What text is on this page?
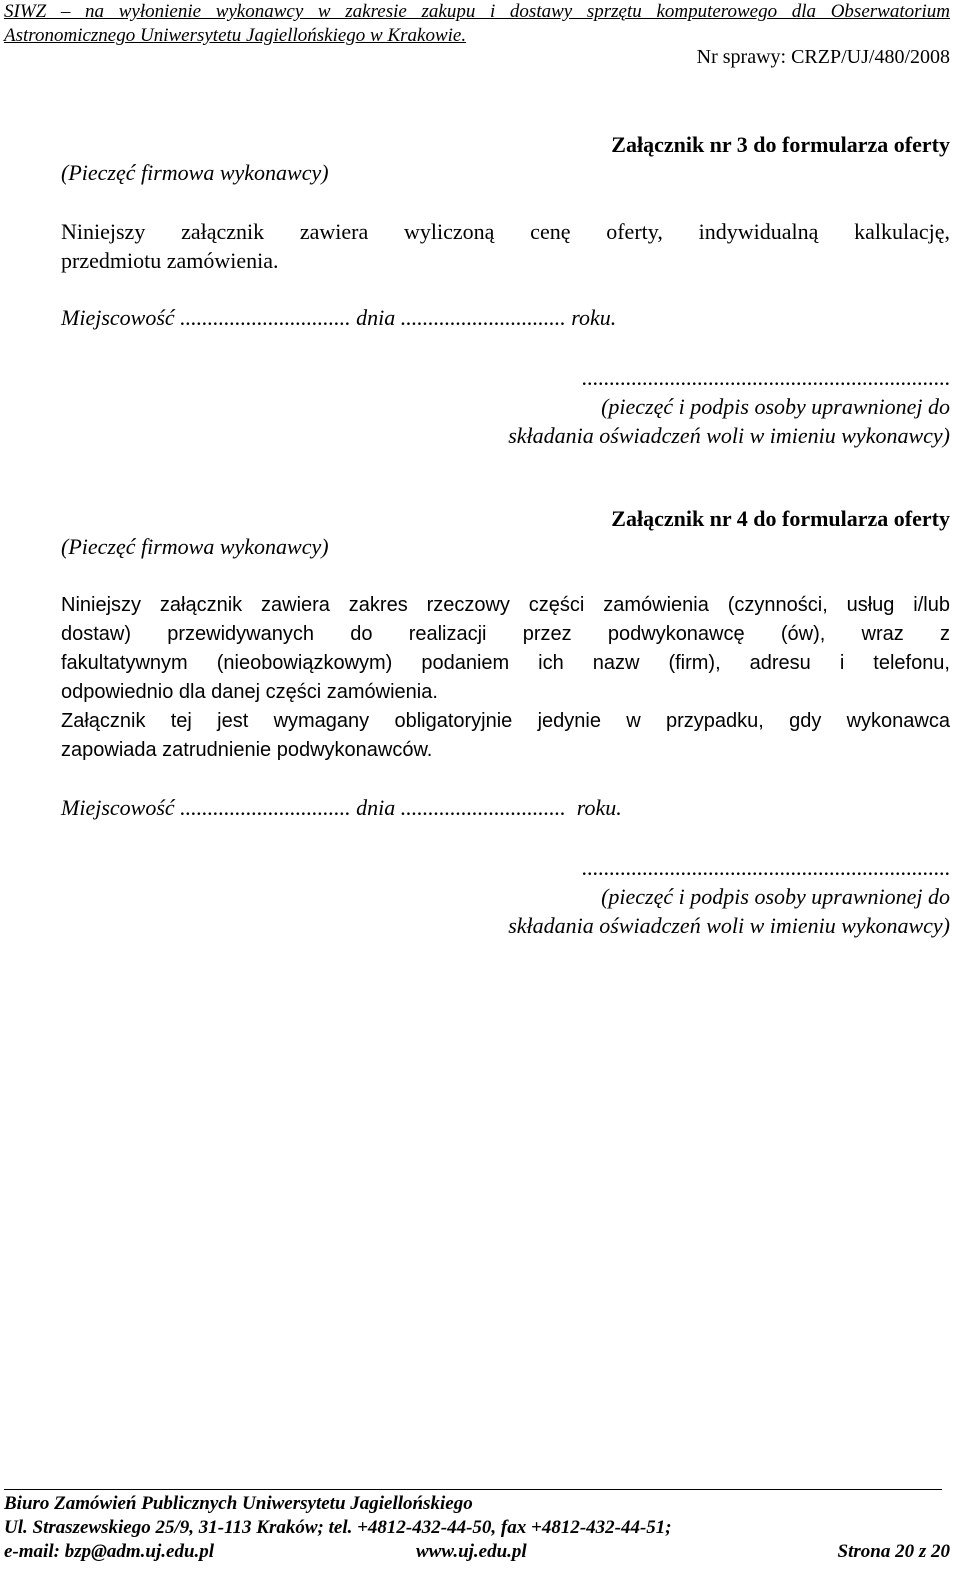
SIWZ – na wyłonienie wykonawcy w zakresie zakupu i dostawy sprzętu komputerowego dla Obserwatorium
Astronomicznego Uniwersytetu Jagiellońskiego w Krakowie.
Nr sprawy: CRZP/UJ/480/2008
Załącznik nr 3 do formularza oferty
(Pieczęć firmowa wykonawcy)

Niniejszy załącznik zawiera wyliczoną cenę oferty, indywidualną kalkulację,

przedmiotu zamówienia.

Miejscowość ............................... dnia .............................. roku.
...................................................................
(pieczęć i podpis osoby uprawnionej do
składania oświadczeń woli w imieniu wykonawcy)
Załącznik nr 4 do formularza oferty
(Pieczęć firmowa wykonawcy)

Niniejszy załącznik zawiera zakres rzeczowy części zamówienia (czynności, usług i/lub

dostaw) przewidywanych do realizacji przez podwykonawcę (ów), wraz z

fakultatywnym (nieobowiązkowym) podaniem ich nazw (firm), adresu i telefonu,

odpowiednio dla danej części zamówienia.

Załącznik tej jest wymagany obligatoryjnie jedynie w przypadku, gdy wykonawca

zapowiada zatrudnienie podwykonawców.

Miejscowość ............................... dnia ..............................  roku.
...................................................................
(pieczęć i podpis osoby uprawnionej do
składania oświadczeń woli w imieniu wykonawcy)
Biuro Zamówień Publicznych Uniwersytetu Jagiellońskiego
Ul. Straszewskiego 25/9, 31-113 Kraków; tel. +4812-432-44-50, fax +4812-432-44-51;
e-mail: bzp@adm.uj.edu.pl	www.uj.edu.pl	Strona 20 z 20
